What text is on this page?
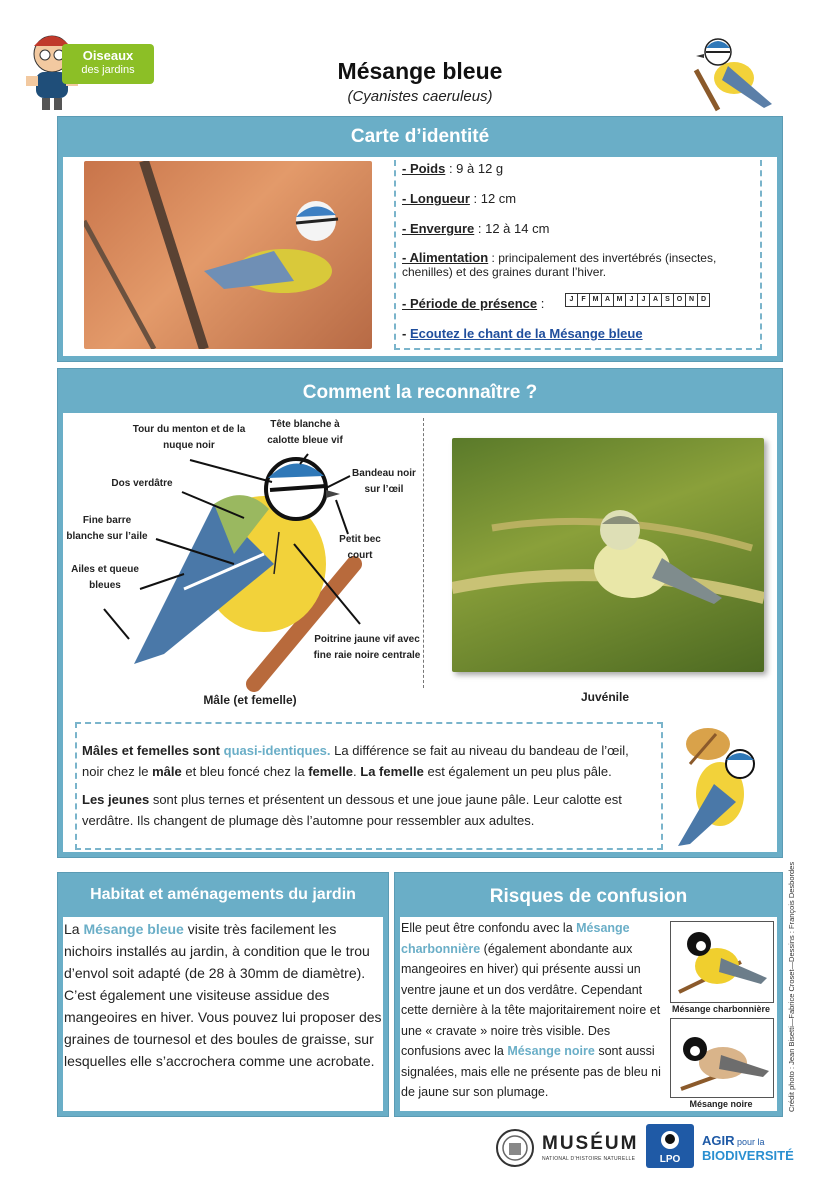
Oiseaux
des jardins	Mésange bleue
(Cyanistes caeruleus)
Carte d’identité
- Poids : 9 à 12 g
- Longueur : 12 cm
- Envergure : 12 à 14 cm
- Alimentation : principalement des invertébrés (insectes, chenilles) et des graines durant l’hiver.
- Période de présence :	J	F M A M	J	J	A	S O N D
- Ecoutez le chant de la Mésange bleue
Comment la reconnaître ?
Tour du menton et de la nuque noir
Tête blanche à calotte bleue vif
Dos verdâtre
Bandeau noir sur l’œil
Fine barre blanche sur l’aile	Petit bec court
Ailes et queue bleues
Poitrine jaune vif avec fine raie noire centrale
Mâle (et femelle)	Juvénile
Mâles et femelles sont quasi-identiques. La différence se fait au niveau du bandeau de l’œil, noir chez le mâle et bleu foncé chez la femelle. La femelle est également un peu plus pâle.
Les jeunes sont plus ternes et présentent un dessous et une joue jaune pâle. Leur calotte est verdâtre. Ils changent de plumage dès l’automne pour ressembler aux adultes.
Habitat et aménagements du jardin
La Mésange bleue visite très facilement les nichoirs installés au jardin, à condition que le trou d’envol soit adapté (de 28 à 30mm de diamètre). C’est également une visiteuse assidue des mangeoires en hiver. Vous pouvez lui proposer des graines de tournesol et des boules de graisse, sur lesquelles elle s’accrochera comme une acrobate.
Risques de confusion
Elle peut être confondu avec la Mésange charbonnière (également abondante aux mangeoires en hiver) qui présente aussi un ventre jaune et un dos verdâtre. Cependant cette dernière à la tête majoritairement noire et une « cravate » noire très visible. Des confusions avec la Mésange noire sont aussi signalées, mais elle ne présente pas de bleu ni de jaune sur son plumage.
Mésange charbonnière
Mésange noire	Crédit photo : Jean Bisetti—Fabrice Croset—Dessins : François Desbordes
MUSÉUM
NATIONAL D’HISTOIRE NATURELLE	LPO
AGIR pour la
BIODIVERSITÉ
